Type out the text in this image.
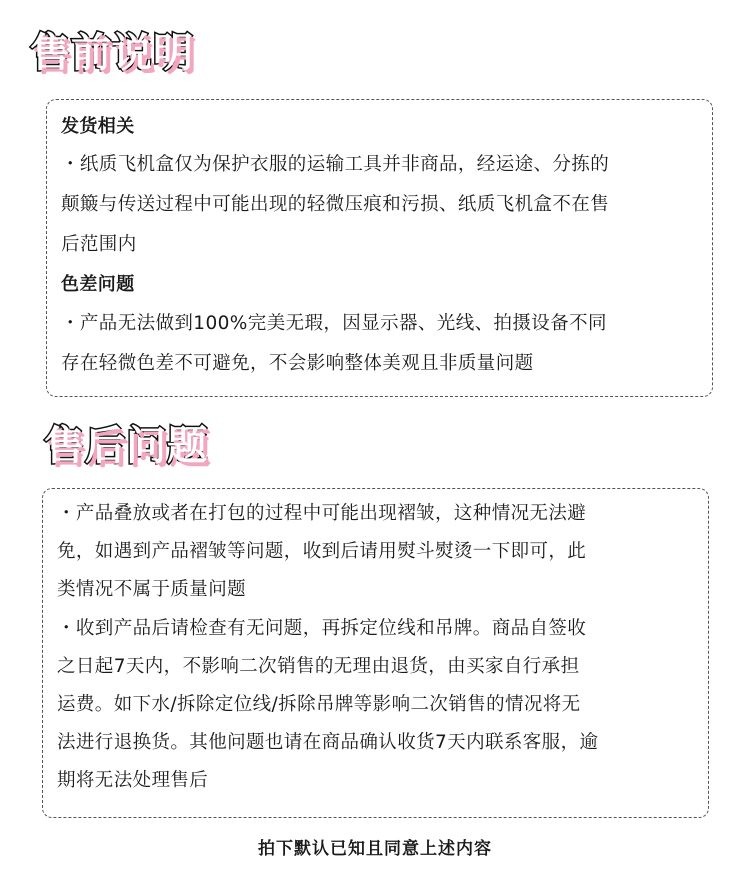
售前说明
发货相关
・纸质飞机盒仅为保护衣服的运输工具并非商品，经运途、分拣的
颠簸与传送过程中可能出现的轻微压痕和污损、纸质飞机盒不在售
后范围内
色差问题
・产品无法做到100%完美无瑕，因显示器、光线、拍摄设备不同
存在轻微色差不可避免，不会影响整体美观且非质量问题
售后问题
・产品叠放或者在打包的过程中可能出现褶皱，这种情况无法避
免，如遇到产品褶皱等问题，收到后请用熨斗熨烫一下即可，此
类情况不属于质量问题
・收到产品后请检查有无问题，再拆定位线和吊牌。商品自签收
之日起7天内，不影响二次销售的无理由退货，由买家自行承担
运费。如下水/拆除定位线/拆除吊牌等影响二次销售的情况将无
法进行退换货。其他问题也请在商品确认收货7天内联系客服，逾
期将无法处理售后
拍下默认已知且同意上述内容
